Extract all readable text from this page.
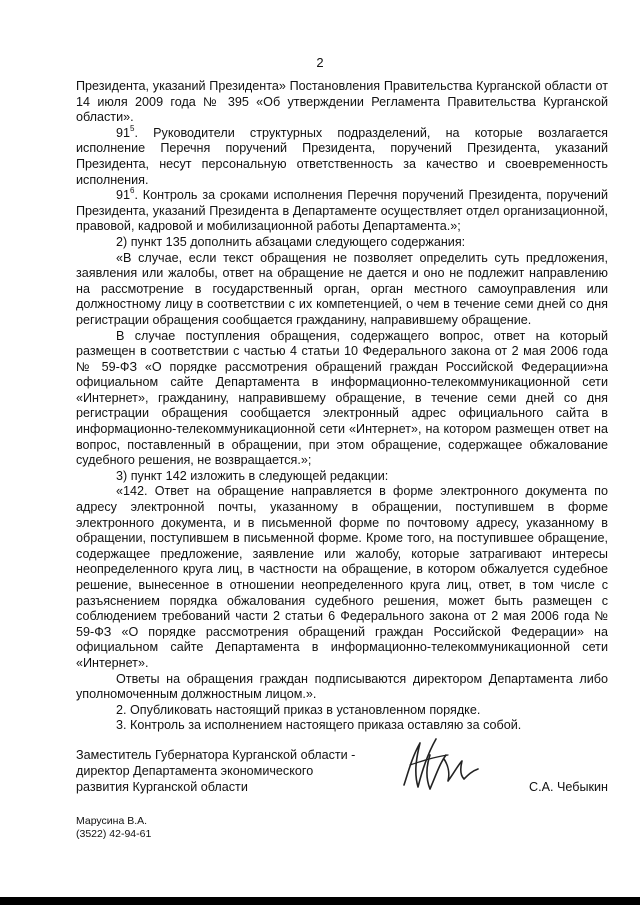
2

Президента, указаний Президента» Постановления Правительства Курганской области от 14 июля 2009 года № 395 «Об утверждении Регламента Правительства Курганской области».

$91^5$. Руководители структурных подразделений, на которые возлагается исполнение Перечня поручений Президента, поручений Президента, указаний Президента, несут персональную ответственность за качество и своевременность исполнения.

$91^6$. Контроль за сроками исполнения Перечня поручений Президента, поручений Президента, указаний Президента в Департаменте осуществляет отдел организационной, правовой, кадровой и мобилизационной работы Департамента.»;

2) пункт 135 дополнить абзацами следующего содержания:

«В случае, если текст обращения не позволяет определить суть предложения, заявления или жалобы, ответ на обращение не дается и оно не подлежит направлению на рассмотрение в государственный орган, орган местного самоуправления или должностному лицу в соответствии с их компетенцией, о чем в течение семи дней со дня регистрации обращения сообщается гражданину, направившему обращение.

В случае поступления обращения, содержащего вопрос, ответ на который размещен в соответствии с частью 4 статьи 10 Федерального закона от 2 мая 2006 года № 59-ФЗ «О порядке рассмотрения обращений граждан Российской Федерации»на официальном сайте Департамента в информационно-телекоммуникационной сети «Интернет», гражданину, направившему обращение, в течение семи дней со дня регистрации обращения сообщается электронный адрес официального сайта в информационно-телекоммуникационной сети «Интернет», на котором размещен ответ на вопрос, поставленный в обращении, при этом обращение, содержащее обжалование судебного решения, не возвращается.»;

3) пункт 142 изложить в следующей редакции:

«142. Ответ на обращение направляется в форме электронного документа по адресу электронной почты, указанному в обращении, поступившем в форме электронного документа, и в письменной форме по почтовому адресу, указанному в обращении, поступившем в письменной форме. Кроме того, на поступившее обращение, содержащее предложение, заявление или жалобу, которые затрагивают интересы неопределенного круга лиц, в частности на обращение, в котором обжалуется судебное решение, вынесенное в отношении неопределенного круга лиц, ответ, в том числе с разъяснением порядка обжалования судебного решения, может быть размещен с соблюдением требований части 2 статьи 6 Федерального закона от 2 мая 2006 года № 59-ФЗ «О порядке рассмотрения обращений граждан Российской Федерации» на официальном сайте Департамента в информационно-телекоммуникационной сети «Интернет».

Ответы на обращения граждан подписываются директором Департамента либо уполномоченным должностным лицом.».

2. Опубликовать настоящий приказ в установленном порядке.

3. Контроль за исполнением настоящего приказа оставляю за собой.

Заместитель Губернатора Курганской области -
директор Департамента экономического
развития Курганской области	С.А. Чебыкин
Марусина В.А.
(3522) 42-94-61
